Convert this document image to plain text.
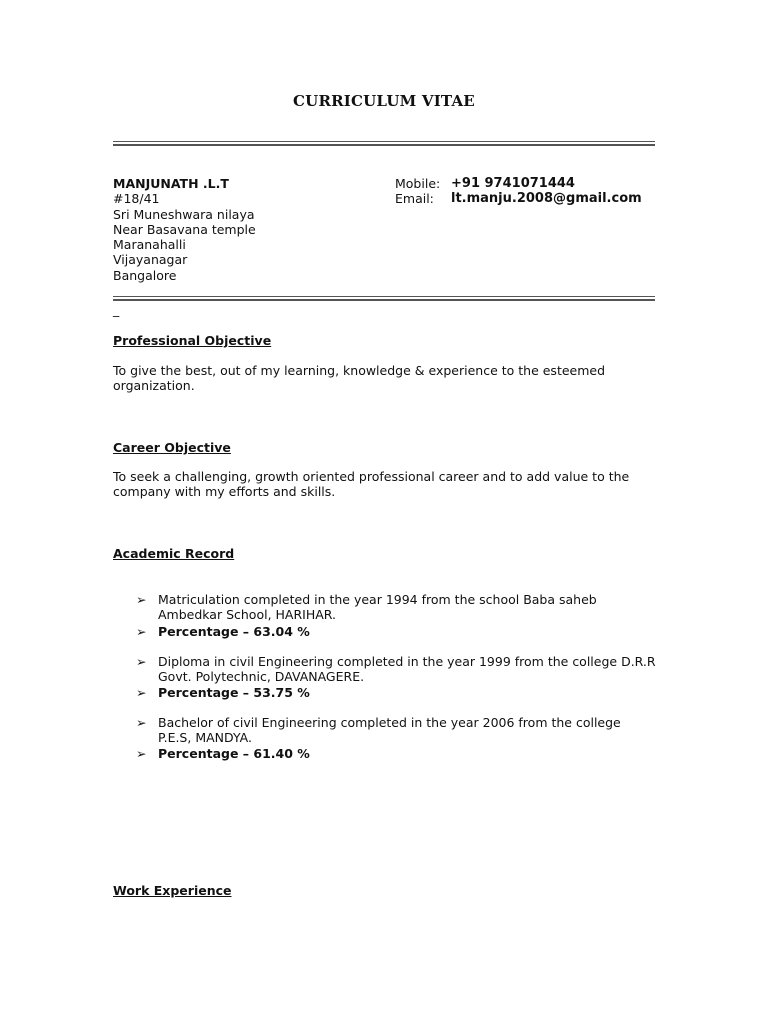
CURRICULUM VITAE
MANJUNATH .L.T
#18/41
Sri Muneshwara nilaya
Near Basavana temple
Maranahalli
Vijayanagar
Bangalore
Mobile: +91 9741071444
Email:	lt.manju.2008@gmail.com
_
Professional Objective
To give the best, out of my learning, knowledge & experience to the esteemed organization.
Career Objective
To seek a challenging, growth oriented professional career and to add value to the company with my efforts and skills.
Academic Record
➢ Matriculation completed in the year 1994 from the school Baba saheb Ambedkar School, HARIHAR.
➢ Percentage – 63.04 %
➢ Diploma in civil Engineering completed in the year 1999 from the college D.R.R Govt. Polytechnic, DAVANAGERE.
➢ Percentage – 53.75 %
➢ Bachelor of civil Engineering completed in the year 2006 from the college P.E.S, MANDYA.
➢ Percentage – 61.40 %
Work Experience
